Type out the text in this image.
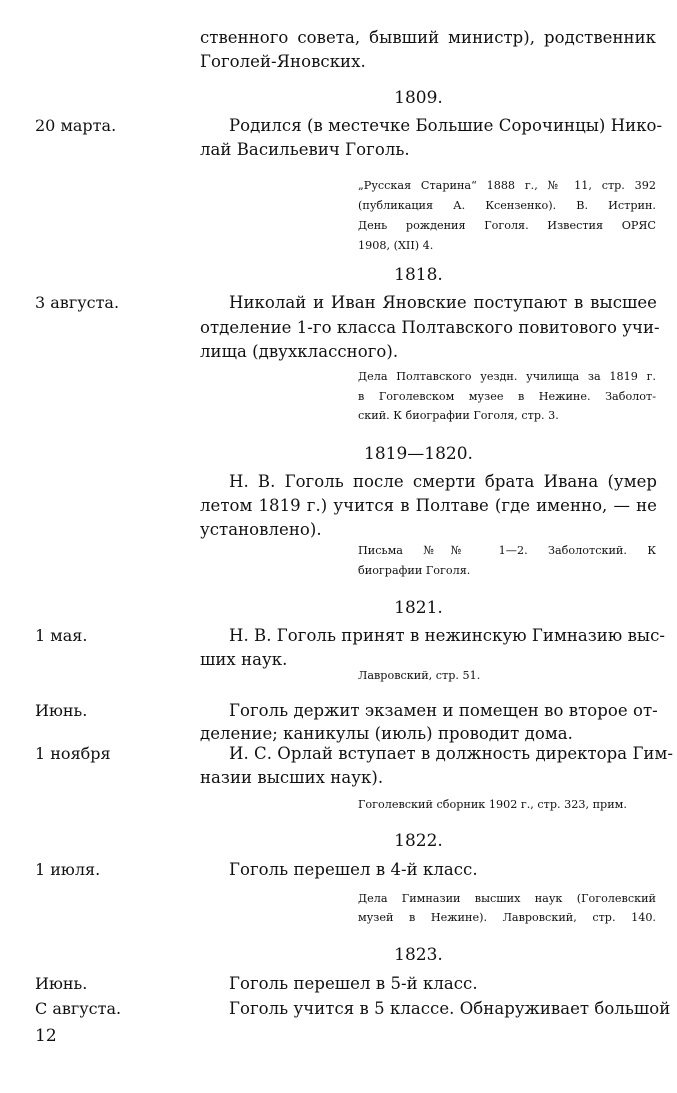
ственного совета, бывший министр), родственник
Гоголей-Яновских.
1809.
20 марта.	Родился (в местечке Большие Сорочинцы) Нико-
лай Васильевич Гоголь.
„Русская Старина“ 1888 г., № 11, стр. 392
(публикация А. Ксензенко). В. Истрин.
День рождения Гоголя. Известия ОРЯС
1908, (XII) 4.
1818.
3 августа.	Николай и Иван Яновские поступают в высшее
отделение 1-го класса Полтавского повитового учи-
лища (двухклассного).
Дела Полтавского уездн. училища за 1819 г.
в Гоголевском музее в Нежине. Заболот-
ский. К биографии Гоголя, стр. 3.
1819—1820.
Н. В. Гоголь после смерти брата Ивана (умер
летом 1819 г.) учится в Полтаве (где именно, — не
установлено).
Письма №№ 1—2. Заболотский. К
биографии Гоголя.
1821.
1 мая.	Н. В. Гоголь принят в нежинскую Гимназию выс-
ших наук.
Лавровский, стр. 51.
Июнь.	Гоголь держит экзамен и помещен во второе от-
деление; каникулы (июль) проводит дома.
1 ноября	И. С. Орлай вступает в должность директора Гим-
назии высших наук).
Гоголевский сборник 1902 г., стр. 323, прим.
1822.
1 июля.	Гоголь перешел в 4-й класс.
Дела Гимназии высших наук (Гоголевский
музей в Нежине). Лавровский, стр. 140.
1823.
Июнь.	Гоголь перешел в 5-й класс.
С августа.	Гоголь учится в 5 классе. Обнаруживает большой
12
